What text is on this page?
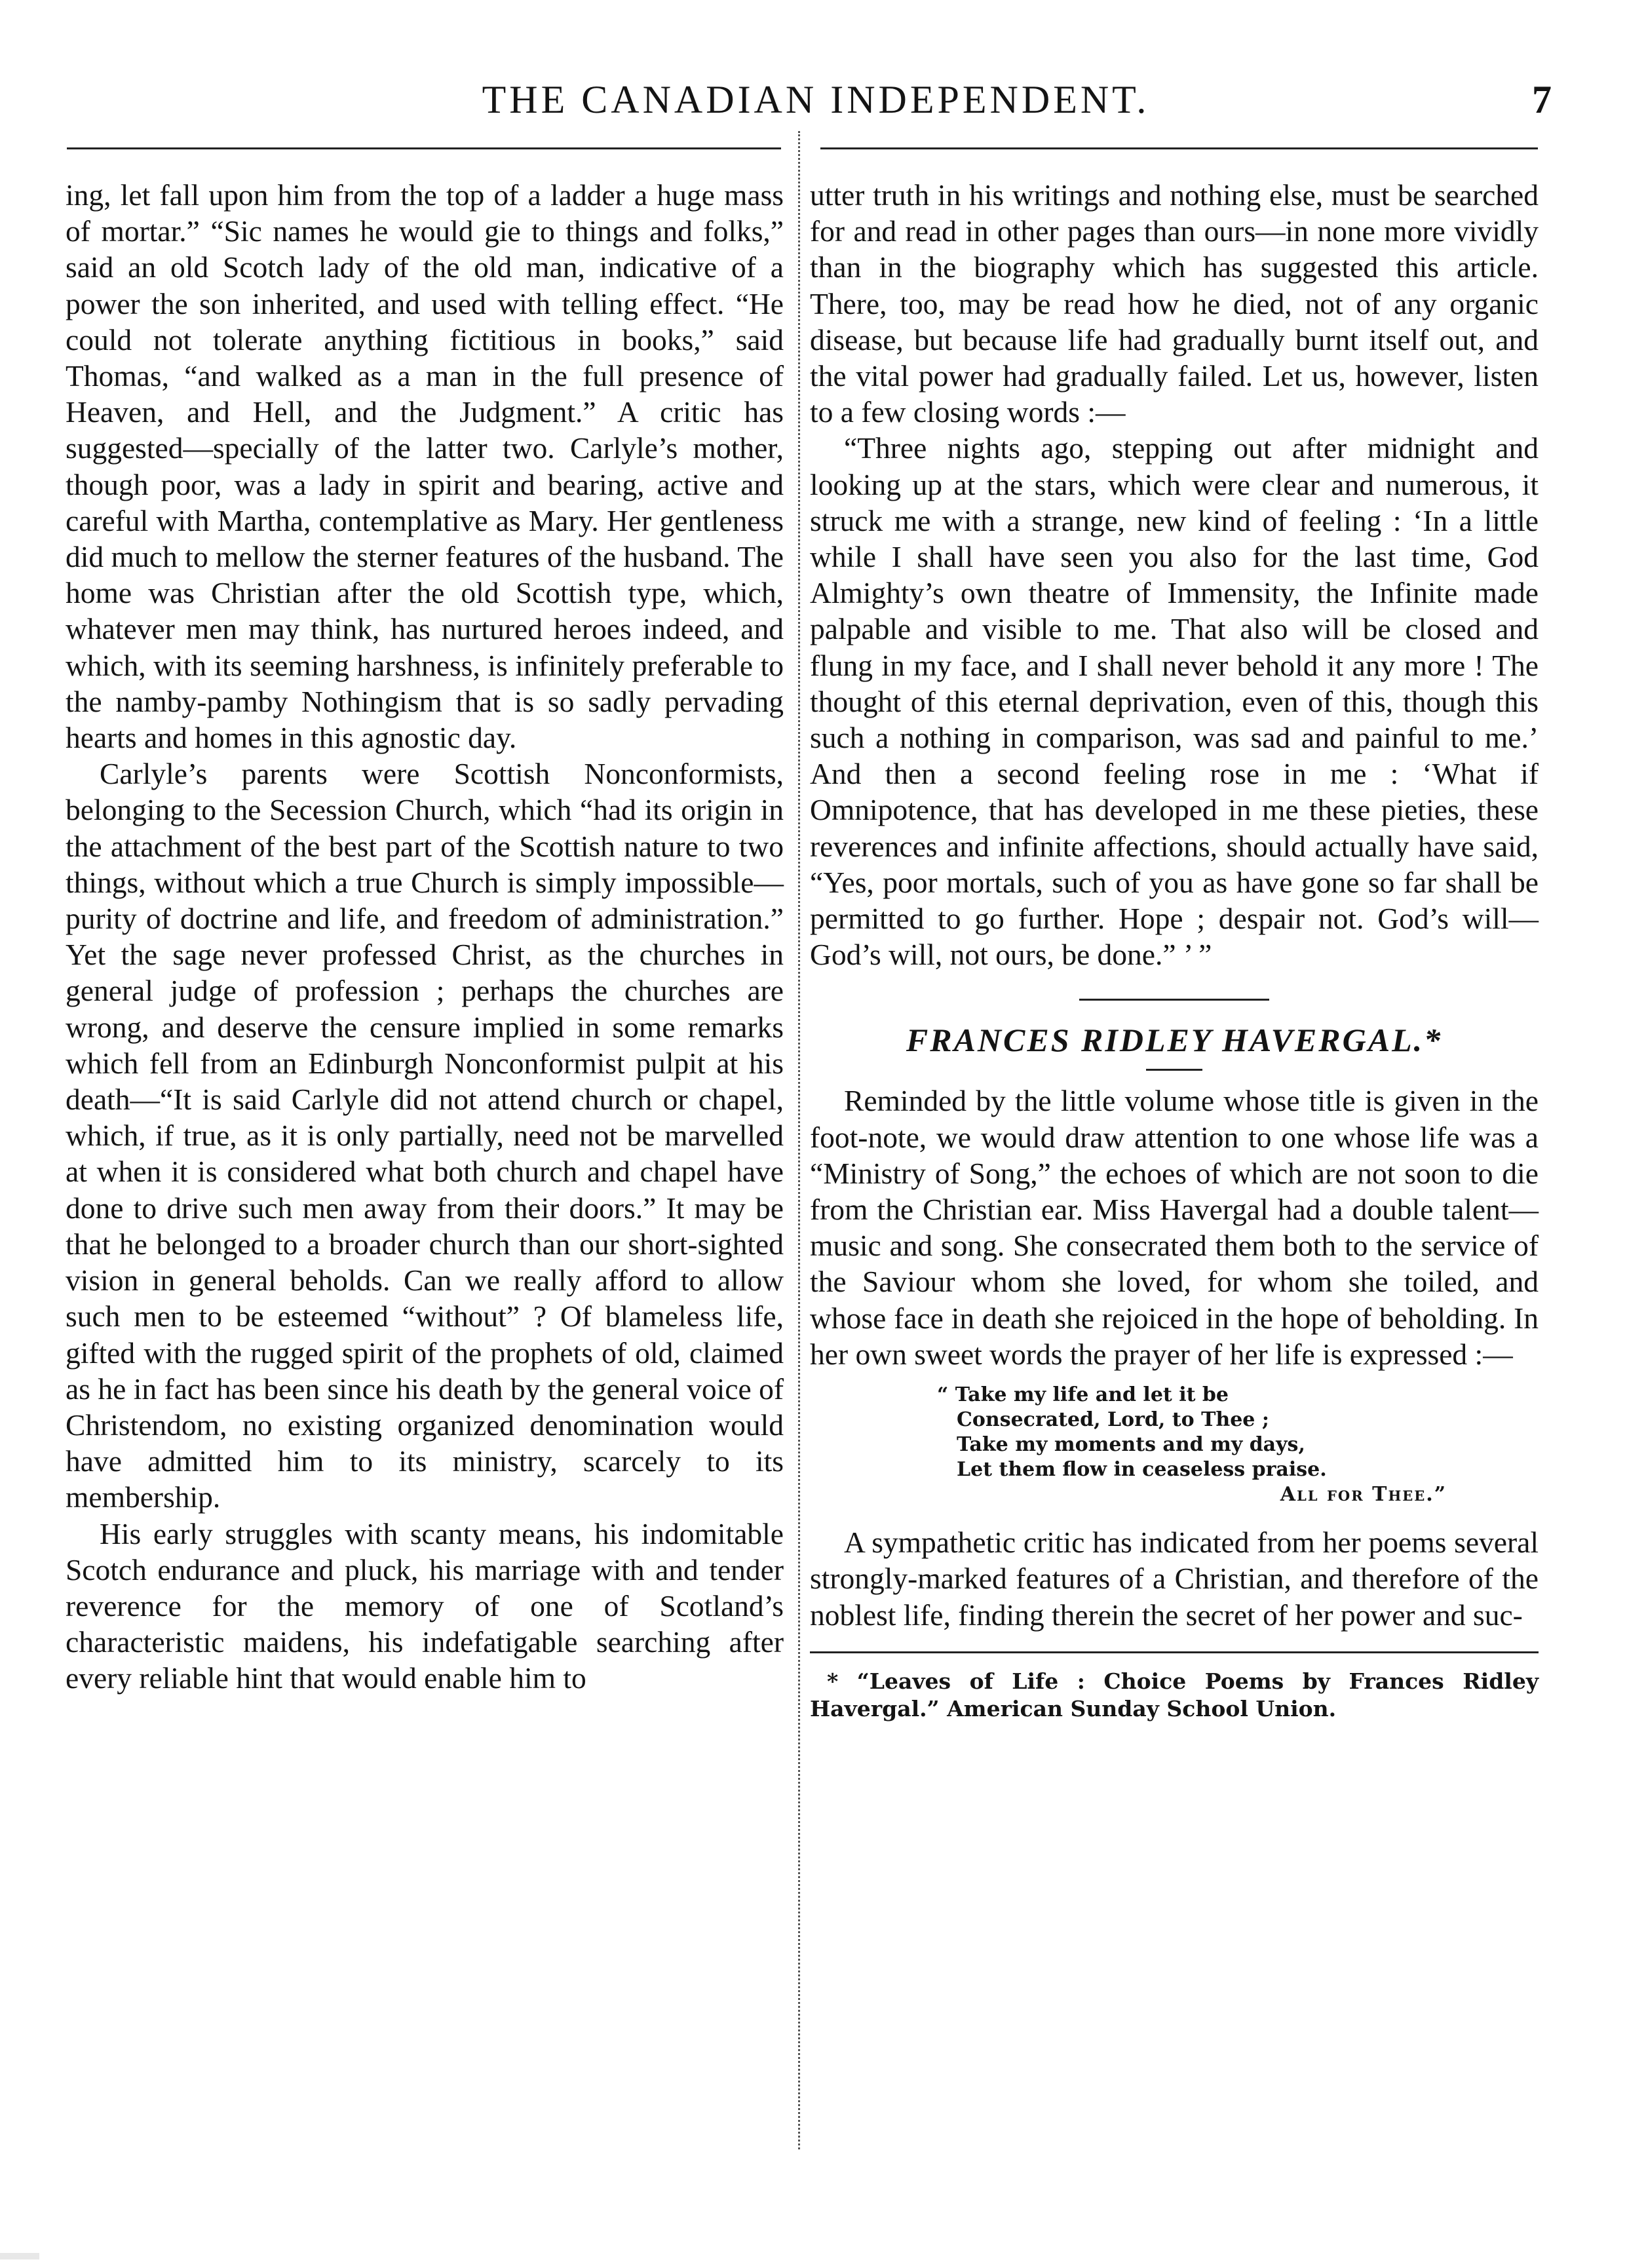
THE CANADIAN INDEPENDENT.	7

ing, let fall upon him from the top of a ladder a huge mass of mortar.” “Sic names he would gie to things and folks,” said an old Scotch lady of the old man, indicative of a power the son inherited, and used with telling effect. “He could not tolerate anything fictitious in books,” said Thomas, “and walked as a man in the full presence of Heaven, and Hell, and the Judgment.” A critic has suggested—specially of the latter two. Carlyle’s mother, though poor, was a lady in spirit and bearing, active and careful with Martha, contemplative as Mary. Her gentleness did much to mellow the sterner features of the husband. The home was Christian after the old Scottish type, which, whatever men may think, has nurtured heroes indeed, and which, with its seeming harshness, is infinitely preferable to the namby-pamby Nothingism that is so sadly pervading hearts and homes in this agnostic day.

Carlyle’s parents were Scottish Nonconformists, belonging to the Secession Church, which “had its origin in the attachment of the best part of the Scottish nature to two things, without which a true Church is simply impossible—purity of doctrine and life, and freedom of administration.” Yet the sage never professed Christ, as the churches in general judge of profession ; perhaps the churches are wrong, and deserve the censure implied in some remarks which fell from an Edinburgh Nonconformist pulpit at his death—“It is said Carlyle did not attend church or chapel, which, if true, as it is only partially, need not be marvelled at when it is considered what both church and chapel have done to drive such men away from their doors.” It may be that he belonged to a broader church than our short-sighted vision in general beholds. Can we really afford to allow such men to be esteemed “without” ? Of blameless life, gifted with the rugged spirit of the prophets of old, claimed as he in fact has been since his death by the general voice of Christendom, no existing organized denomination would have admitted him to its ministry, scarcely to its membership.

His early struggles with scanty means, his indomitable Scotch endurance and pluck, his marriage with and tender reverence for the memory of one of Scotland’s characteristic maidens, his indefatigable searching after every reliable hint that would enable him to

utter truth in his writings and nothing else, must be searched for and read in other pages than ours—in none more vividly than in the biography which has suggested this article. There, too, may be read how he died, not of any organic disease, but because life had gradually burnt itself out, and the vital power had gradually failed. Let us, however, listen to a few closing words :—

“Three nights ago, stepping out after midnight and looking up at the stars, which were clear and numerous, it struck me with a strange, new kind of feeling : ‘In a little while I shall have seen you also for the last time, God Almighty’s own theatre of Immensity, the Infinite made palpable and visible to me. That also will be closed and flung in my face, and I shall never behold it any more ! The thought of this eternal deprivation, even of this, though this such a nothing in comparison, was sad and painful to me.’ And then a second feeling rose in me : ‘What if Omnipotence, that has developed in me these pieties, these reverences and infinite affections, should actually have said, “Yes, poor mortals, such of you as have gone so far shall be permitted to go further. Hope ; despair not. God’s will—God’s will, not ours, be done.” ’ ”

FRANCES RIDLEY HAVERGAL.*

Reminded by the little volume whose title is given in the foot-note, we would draw attention to one whose life was a “Ministry of Song,” the echoes of which are not soon to die from the Christian ear. Miss Havergal had a double talent—music and song. She consecrated them both to the service of the Saviour whom she loved, for whom she toiled, and whose face in death she rejoiced in the hope of beholding. In her own sweet words the prayer of her life is expressed :—

“ Take my life and let it be
Consecrated, Lord, to Thee ;
Take my moments and my days,
Let them flow in ceaseless praise.
All for Thee.”

A sympathetic critic has indicated from her poems several strongly-marked features of a Christian, and therefore of the noblest life, finding therein the secret of her power and suc-

* “Leaves of Life : Choice Poems by Frances Ridley Havergal.” American Sunday School Union.
